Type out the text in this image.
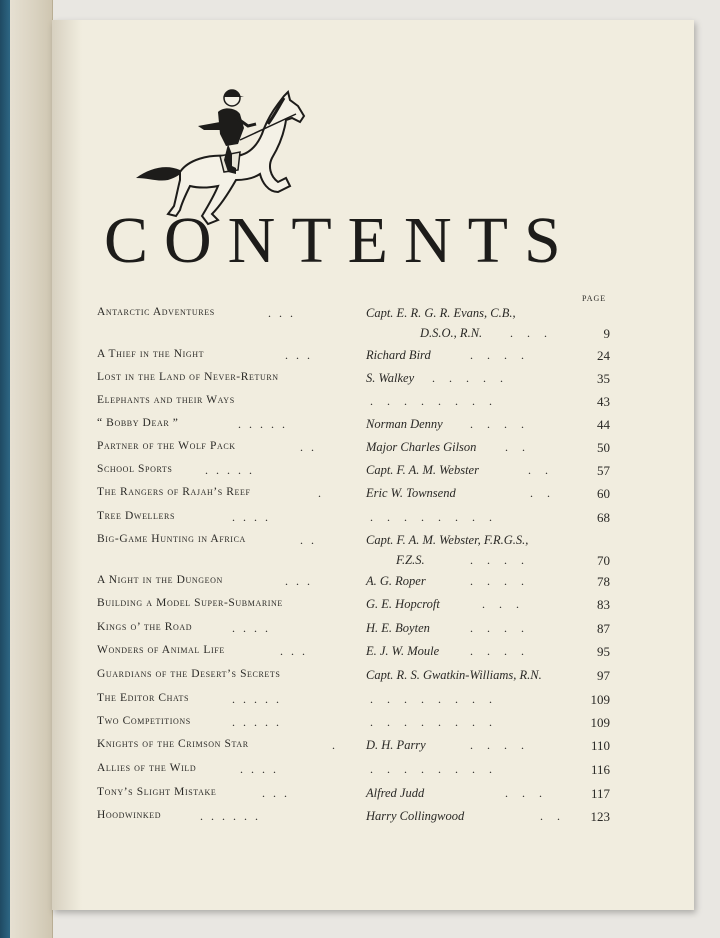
CONTENTS
PAGE
Antarctic Adventures	...	Capt. E. R. G. R. Evans, C.B.,
D.S.O., R.N. ...	9
A Thief in the Night	...	Richard Bird	....	24
Lost in the Land of Never-Return	S. Walkey .....	35
Elephants and their Ways	........	43
“ Bobby Dear ”	.....	Norman Denny ....	44
Partner of the Wolf Pack	..	Major Charles Gilson ..	50
School Sports	.....	Capt. F. A. M. Webster	..	57
The Rangers of Rajah’s Reef	.	Eric W. Townsend	..	60
Tree Dwellers	....	........	68
Big-Game Hunting in Africa	..	Capt. F. A. M. Webster, F.R.G.S.,
F.Z.S.	....	70
A Night in the Dungeon	...	A. G. Roper	....	78
Building a Model Super-Submarine	G. E. Hopcroft	...	83
Kings o’ the Road	....	H. E. Boyten	....	87
Wonders of Animal Life	...	E. J. W. Moule	....	95
Guardians of the Desert’s Secrets	Capt. R. S. Gwatkin-Williams, R.N.	97
The Editor Chats	.....	........	109
Two Competitions	.....	........	109
Knights of the Crimson Star	. D. H. Parry	....	110
Allies of the Wild	....	........	116
Tony’s Slight Mistake	...	Alfred Judd	...	117
Hoodwinked	......	Harry Collingwood	.. 123
